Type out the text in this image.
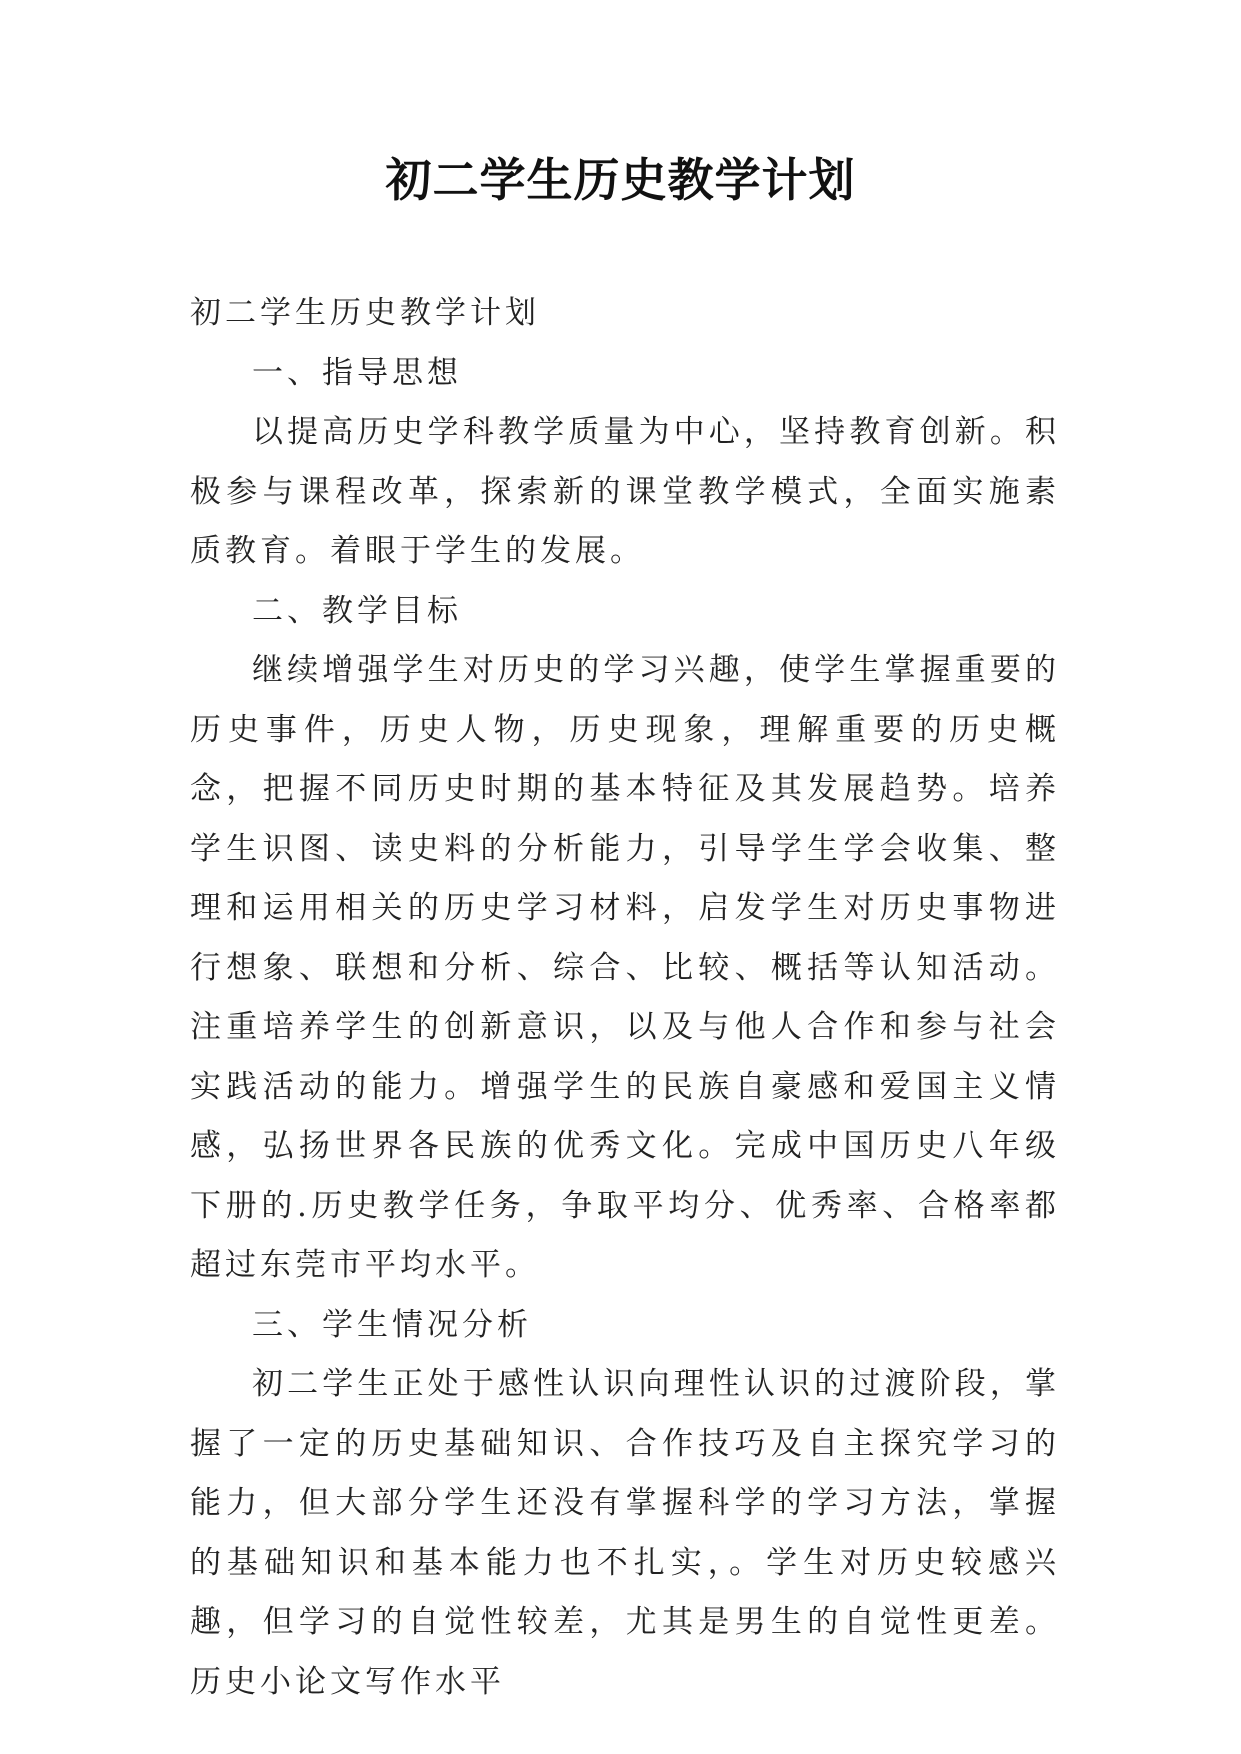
初二学生历史教学计划

初二学生历史教学计划

一、指导思想

以提高历史学科教学质量为中心，坚持教育创新。积极参与课程改革，探索新的课堂教学模式，全面实施素质教育。着眼于学生的发展。

二、教学目标

继续增强学生对历史的学习兴趣，使学生掌握重要的历史事件，历史人物，历史现象，理解重要的历史概念，把握不同历史时期的基本特征及其发展趋势。培养学生识图、读史料的分析能力，引导学生学会收集、整理和运用相关的历史学习材料，启发学生对历史事物进行想象、联想和分析、综合、比较、概括等认知活动。注重培养学生的创新意识，以及与他人合作和参与社会实践活动的能力。增强学生的民族自豪感和爱国主义情感，弘扬世界各民族的优秀文化。完成中国历史八年级下册的.历史教学任务，争取平均分、优秀率、合格率都超过东莞市平均水平。

三、学生情况分析

初二学生正处于感性认识向理性认识的过渡阶段，掌握了一定的历史基础知识、合作技巧及自主探究学习的能力，但大部分学生还没有掌握科学的学习方法，掌握的基础知识和基本能力也不扎实，。学生对历史较感兴趣，但学习的自觉性较差，尤其是男生的自觉性更差。历史小论文写作水平
